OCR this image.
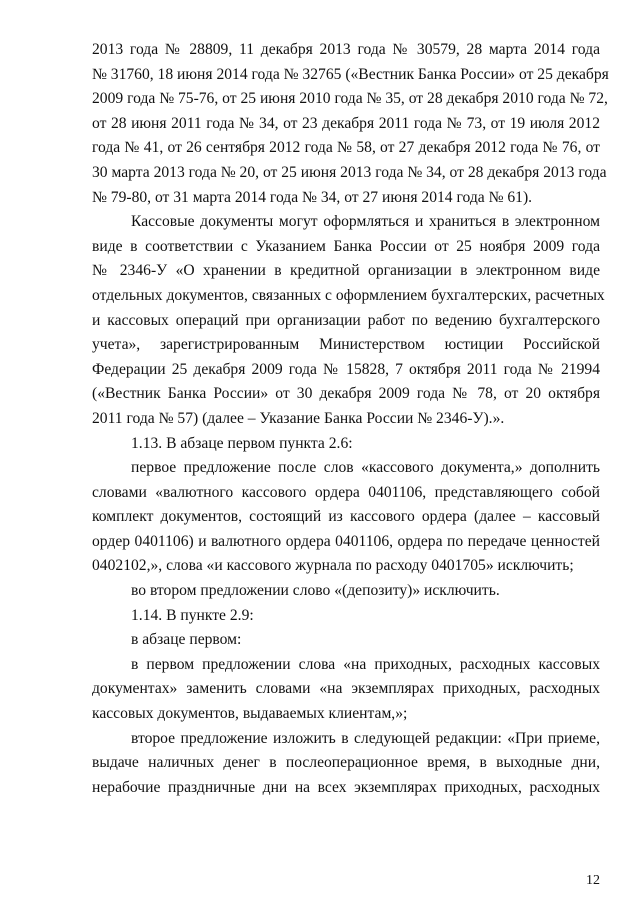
2013 года № 28809, 11 декабря 2013 года № 30579, 28 марта 2014 года
№ 31760, 18 июня 2014 года № 32765 («Вестник Банка России» от 25 декабря
2009 года № 75-76, от 25 июня 2010 года № 35, от 28 декабря 2010 года № 72,
от 28 июня 2011 года № 34, от 23 декабря 2011 года № 73, от 19 июля 2012
года № 41, от 26 сентября 2012 года № 58, от 27 декабря 2012 года № 76, от
30 марта 2013 года № 20, от 25 июня 2013 года № 34, от 28 декабря 2013 года
№ 79-80, от 31 марта 2014 года № 34, от 27 июня 2014 года № 61).
Кассовые документы могут оформляться и храниться в электронном
виде в соответствии с Указанием Банка России от 25 ноября 2009 года
№ 2346-У «О хранении в кредитной организации в электронном виде
отдельных документов, связанных с оформлением бухгалтерских, расчетных
и кассовых операций при организации работ по ведению бухгалтерского
учета», зарегистрированным Министерством юстиции Российской
Федерации 25 декабря 2009 года № 15828, 7 октября 2011 года № 21994
(«Вестник Банка России» от 30 декабря 2009 года № 78, от 20 октября
2011 года № 57) (далее – Указание Банка России № 2346-У).».
1.13. В абзаце первом пункта 2.6:
первое предложение после слов «кассового документа,» дополнить
словами «валютного кассового ордера 0401106, представляющего собой
комплект документов, состоящий из кассового ордера (далее – кассовый
ордер 0401106) и валютного ордера 0401106, ордера по передаче ценностей
0402102,», слова «и кассового журнала по расходу 0401705» исключить;
во втором предложении слово «(депозиту)» исключить.
1.14. В пункте 2.9:
в абзаце первом:
в первом предложении слова «на приходных, расходных кассовых
документах» заменить словами «на экземплярах приходных, расходных
кассовых документов, выдаваемых клиентам,»;
второе предложение изложить в следующей редакции: «При приеме,
выдаче наличных денег в послеоперационное время, в выходные дни,
нерабочие праздничные дни на всех экземплярах приходных, расходных
12
